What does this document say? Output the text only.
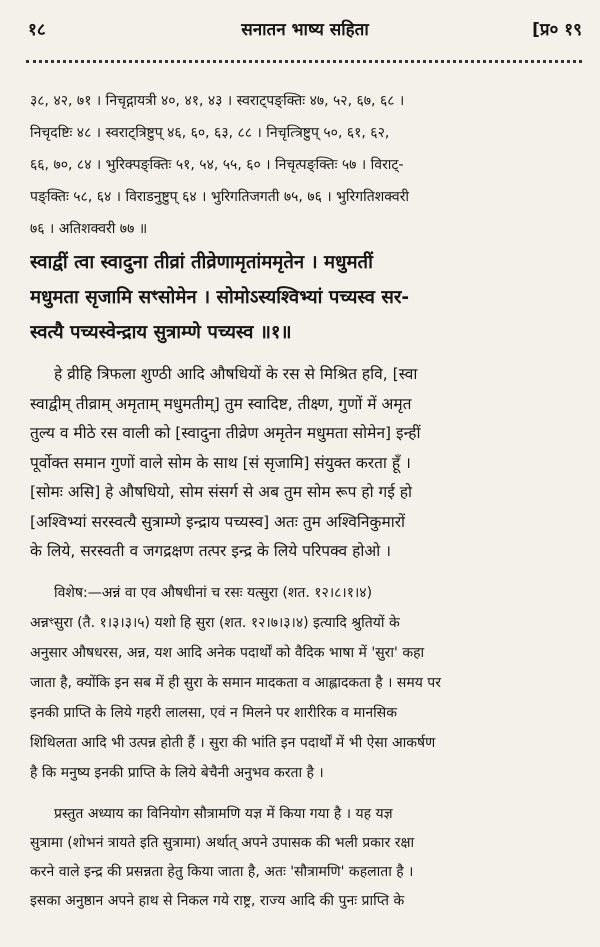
१८	सनातन भाष्य सहिता	[प्र० १९
३८, ४२, ७१ । निचृद्गायत्री ४०, ४१, ४३ । स्वराट्पङ्क्तिः ४७, ५२, ६७, ६८ ।
निचृदष्टिः ४८ । स्वराट्त्रिष्टुप् ४६, ६०, ६३, ८८ । निचृत्त्रिष्टुप् ५०, ६१, ६२,
६६, ७०, ८४ । भुरिक्पङ्क्तिः ५१, ५४, ५५, ६० । निचृत्पङ्क्तिः ५७ । विराट्-
पङ्क्तिः ५८, ६४ । विराडनुष्टुप् ६४ । भुरिगतिजगती ७५, ७६ । भुरिगतिशक्वरी
७६ । अतिशक्वरी ७७ ॥
स्वाद्वीं त्वा स्वादुना तीव्रां तीव्रेणामृतांममृतेन । मधुमतीं
मधुमता सृजामि सꣳसोमेन । सोमोऽस्यश्विभ्यां पच्यस्व सर-
स्वत्यै पच्यस्वेन्द्राय सुत्राम्णे पच्यस्व ॥१॥
हे व्रीहि त्रिफला शुण्ठी आदि औषधियों के रस से मिश्रित हवि, [स्वा
स्वाद्वीम् तीव्राम् अमृताम् मधुमतीम्] तुम स्वादिष्ट, तीक्ष्ण, गुणों में अमृत
तुल्य व मीठे रस वाली को [स्वादुना तीव्रेण अमृतेन मधुमता सोमेन] इन्हीं
पूर्वोक्त समान गुणों वाले सोम के साथ [सं सृजामि] संयुक्त करता हूँ ।
[सोमः असि] हे औषधियो, सोम संसर्ग से अब तुम सोम रूप हो गई हो
[अश्विभ्यां सरस्वत्यै सुत्राम्णे इन्द्राय पच्यस्व] अतः तुम अश्विनिकुमारों
के लिये, सरस्वती व जगद्रक्षण तत्पर इन्द्र के लिये परिपक्व होओ ।
विशेष:—अन्नं वा एव औषधीनां च रसः यत्सुरा (शत. १२।८।१।४)
अन्नꣳसुरा (तै. १।३।३।५) यशो हि सुरा (शत. १२।७।३।४) इत्यादि श्रुतियों के
अनुसार औषधरस, अन्न, यश आदि अनेक पदार्थों को वैदिक भाषा में 'सुरा' कहा
जाता है, क्योंकि इन सब में ही सुरा के समान मादकता व आह्लादकता है । समय पर
इनकी प्राप्ति के लिये गहरी लालसा, एवं न मिलने पर शारीरिक व मानसिक
शिथिलता आदि भी उत्पन्न होती हैं । सुरा की भांति इन पदार्थों में भी ऐसा आकर्षण
है कि मनुष्य इनकी प्राप्ति के लिये बेचैनी अनुभव करता है ।
प्रस्तुत अध्याय का विनियोग सौत्रामणि यज्ञ में किया गया है । यह यज्ञ
सुत्रामा (शोभनं त्रायते इति सुत्रामा) अर्थात् अपने उपासक की भली प्रकार रक्षा
करने वाले इन्द्र की प्रसन्नता हेतु किया जाता है, अतः 'सौत्रामणि' कहलाता है ।
इसका अनुष्ठान अपने हाथ से निकल गये राष्ट्र, राज्य आदि की पुनः प्राप्ति के
